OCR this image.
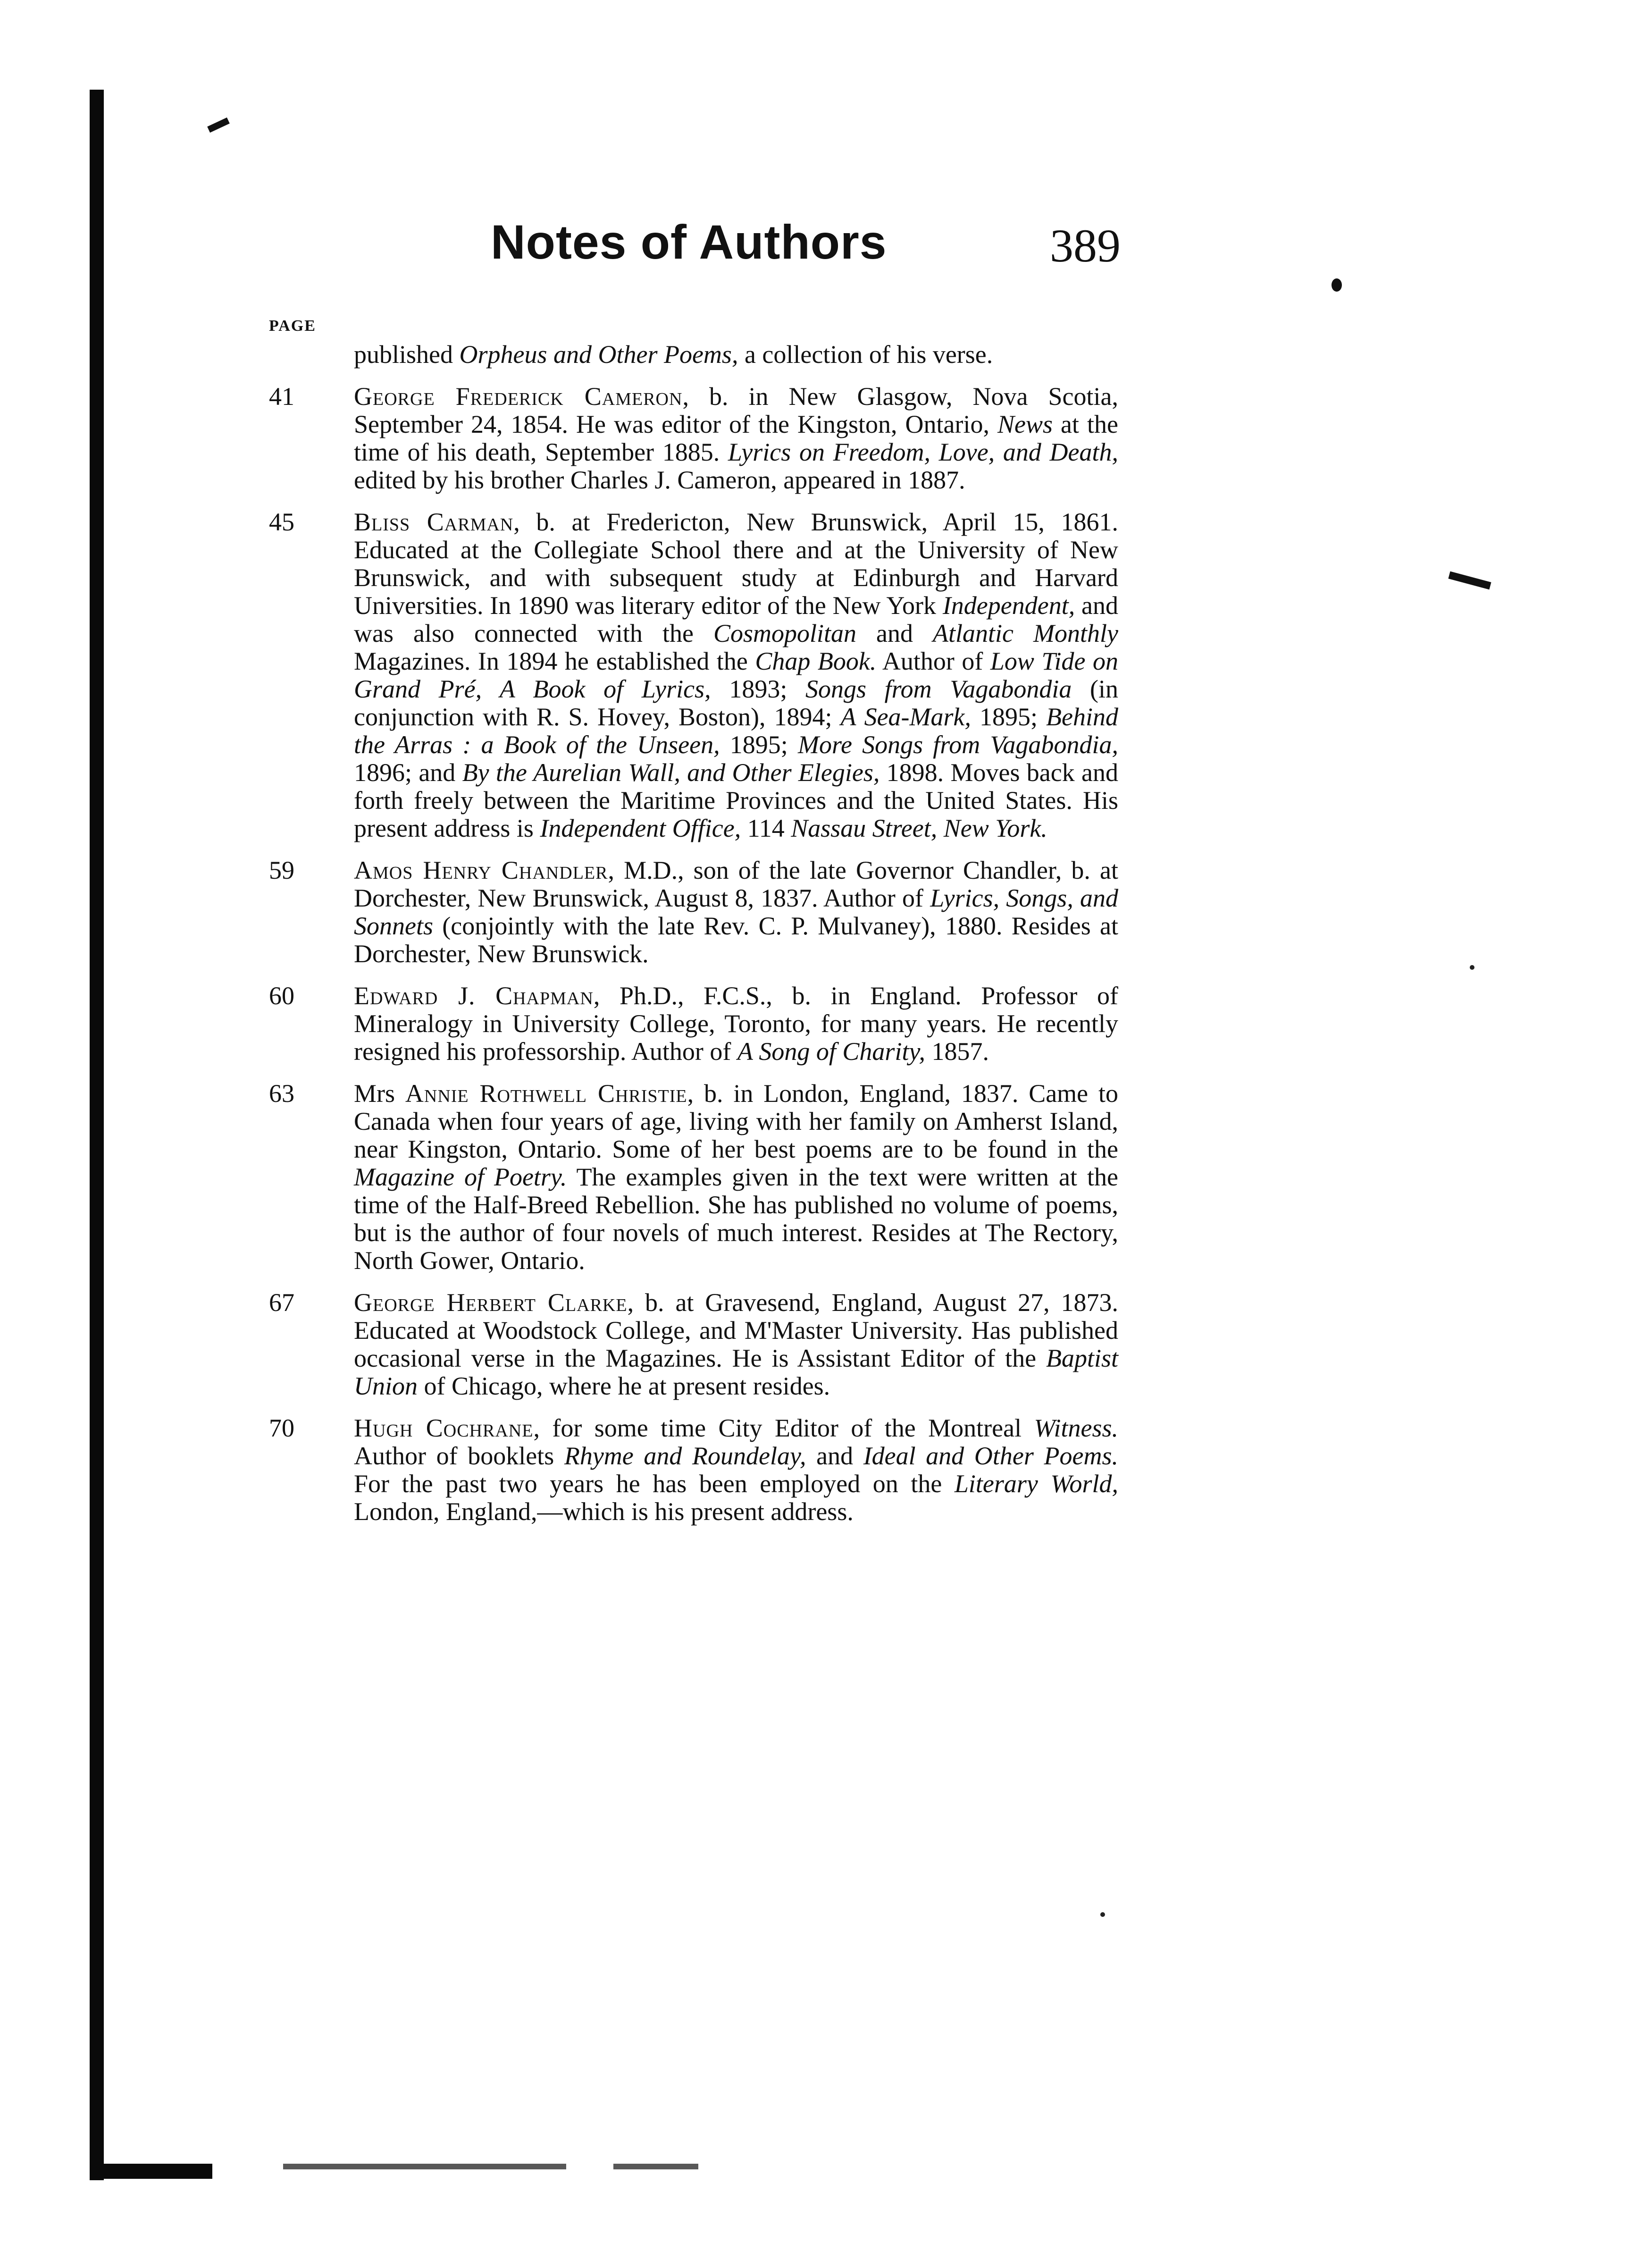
Notes of Authors	389
PAGE
published Orpheus and Other Poems, a collection of his verse.
41 George Frederick Cameron, b. in New Glasgow, Nova Scotia, September 24, 1854. He was editor of the Kingston, Ontario, News at the time of his death, September 1885. Lyrics on Freedom, Love, and Death, edited by his brother Charles J. Cameron, appeared in 1887.
45 Bliss Carman, b. at Fredericton, New Brunswick, April 15, 1861. Educated at the Collegiate School there and at the University of New Brunswick, and with subsequent study at Edinburgh and Harvard Universities. In 1890 was literary editor of the New York Independent, and was also connected with the Cosmopolitan and Atlantic Monthly Magazines. In 1894 he established the Chap Book. Author of Low Tide on Grand Pré, A Book of Lyrics, 1893; Songs from Vagabondia (in conjunction with R. S. Hovey, Boston), 1894; A Sea-Mark, 1895; Behind the Arras : a Book of the Unseen, 1895; More Songs from Vagabondia, 1896; and By the Aurelian Wall, and Other Elegies, 1898. Moves back and forth freely between the Maritime Provinces and the United States. His present address is Independent Office, 114 Nassau Street, New York.
59 Amos Henry Chandler, M.D., son of the late Governor Chandler, b. at Dorchester, New Brunswick, August 8, 1837. Author of Lyrics, Songs, and Sonnets (conjointly with the late Rev. C. P. Mulvaney), 1880. Resides at Dorchester, New Brunswick.
60 Edward J. Chapman, Ph.D., F.C.S., b. in England. Professor of Mineralogy in University College, Toronto, for many years. He recently resigned his professorship. Author of A Song of Charity, 1857.
63 Mrs Annie Rothwell Christie, b. in London, England, 1837. Came to Canada when four years of age, living with her family on Amherst Island, near Kingston, Ontario. Some of her best poems are to be found in the Magazine of Poetry. The examples given in the text were written at the time of the Half-Breed Rebellion. She has published no volume of poems, but is the author of four novels of much interest. Resides at The Rectory, North Gower, Ontario.
67 George Herbert Clarke, b. at Gravesend, England, August 27, 1873. Educated at Woodstock College, and M'Master University. Has published occasional verse in the Magazines. He is Assistant Editor of the Baptist Union of Chicago, where he at present resides.
70 Hugh Cochrane, for some time City Editor of the Montreal Witness. Author of booklets Rhyme and Roundelay, and Ideal and Other Poems. For the past two years he has been employed on the Literary World, London, England,—which is his present address.
